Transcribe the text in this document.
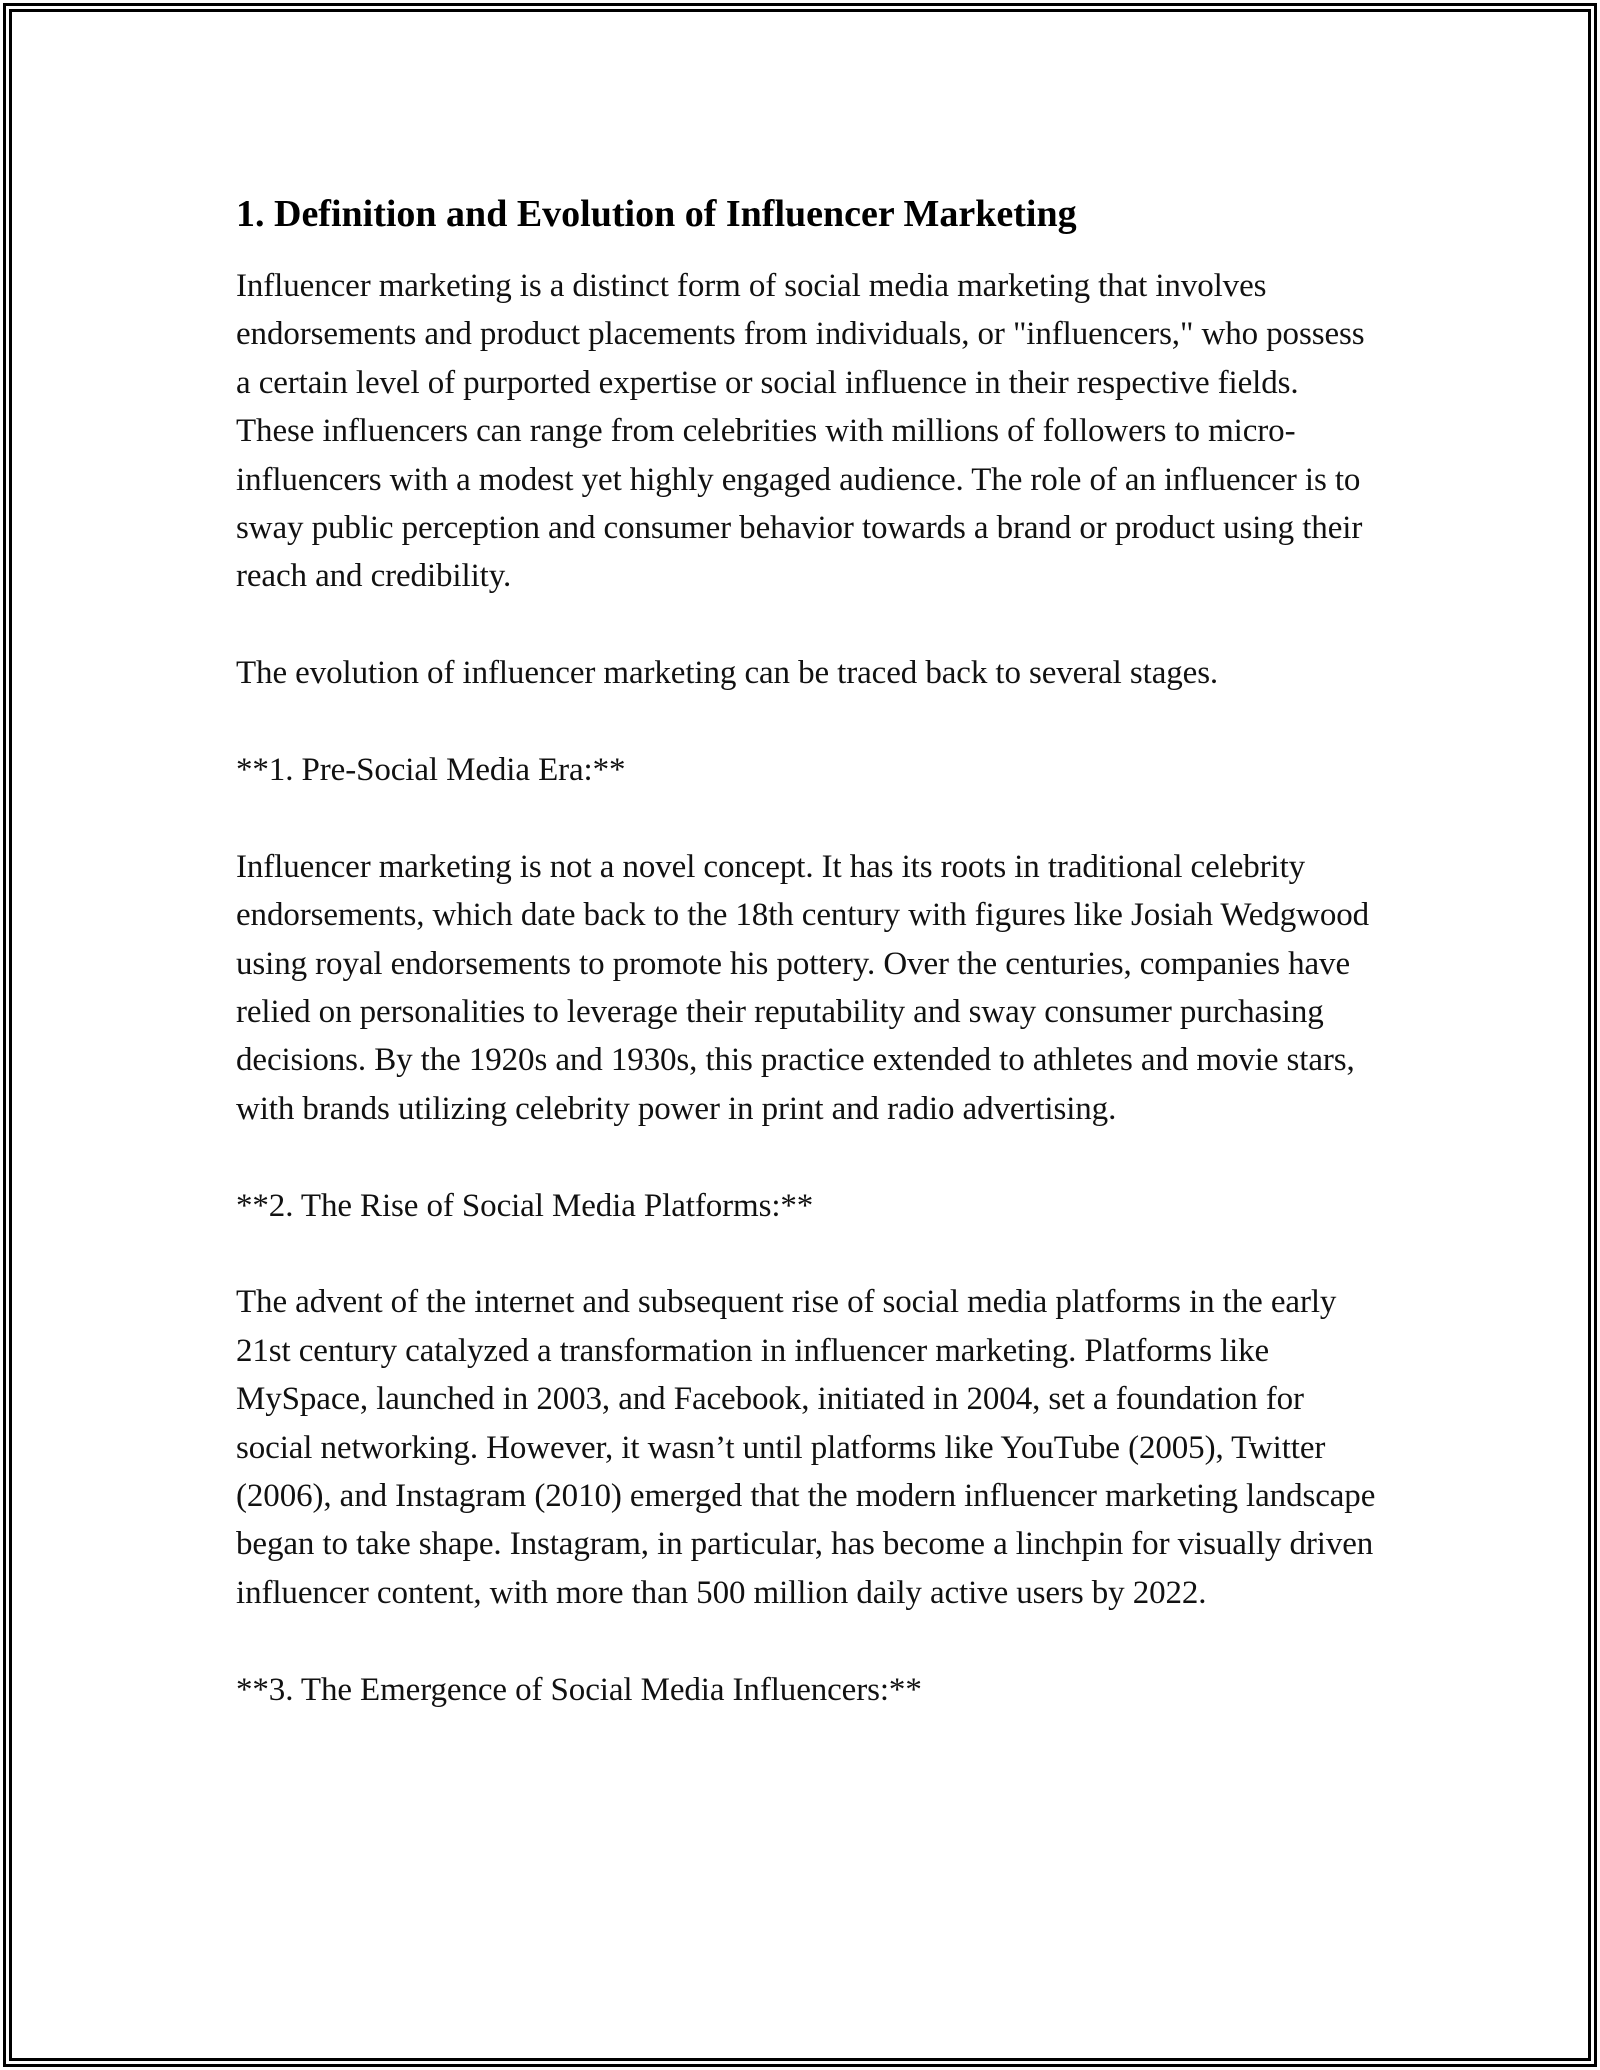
1. Definition and Evolution of Influencer Marketing

Influencer marketing is a distinct form of social media marketing that involves endorsements and product placements from individuals, or "influencers," who possess a certain level of purported expertise or social influence in their respective fields. These influencers can range from celebrities with millions of followers to micro-influencers with a modest yet highly engaged audience. The role of an influencer is to sway public perception and consumer behavior towards a brand or product using their reach and credibility.

The evolution of influencer marketing can be traced back to several stages.

**1. Pre-Social Media Era:**

Influencer marketing is not a novel concept. It has its roots in traditional celebrity endorsements, which date back to the 18th century with figures like Josiah Wedgwood using royal endorsements to promote his pottery. Over the centuries, companies have relied on personalities to leverage their reputability and sway consumer purchasing decisions. By the 1920s and 1930s, this practice extended to athletes and movie stars, with brands utilizing celebrity power in print and radio advertising.

**2. The Rise of Social Media Platforms:**

The advent of the internet and subsequent rise of social media platforms in the early 21st century catalyzed a transformation in influencer marketing. Platforms like MySpace, launched in 2003, and Facebook, initiated in 2004, set a foundation for social networking. However, it wasn’t until platforms like YouTube (2005), Twitter (2006), and Instagram (2010) emerged that the modern influencer marketing landscape began to take shape. Instagram, in particular, has become a linchpin for visually driven influencer content, with more than 500 million daily active users by 2022.

**3. The Emergence of Social Media Influencers:**
